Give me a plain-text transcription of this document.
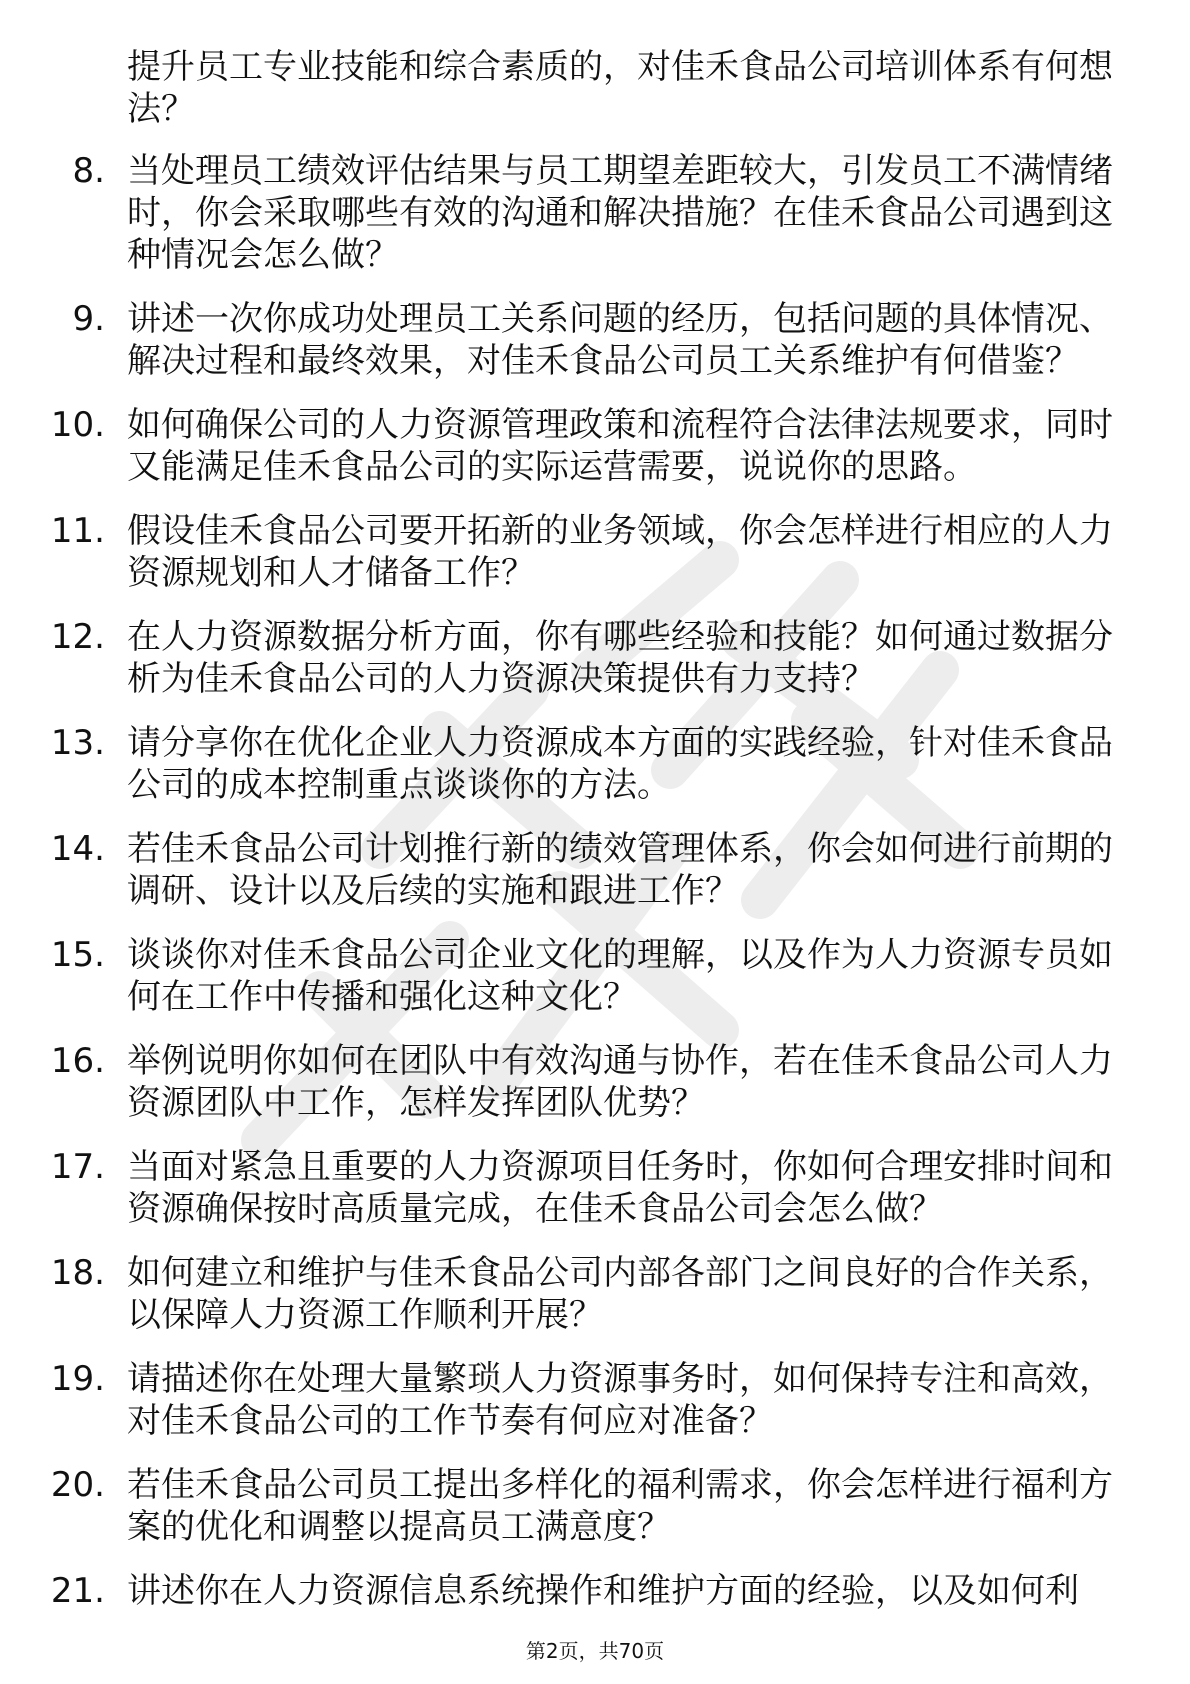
提升员工专业技能和综合素质的，对佳禾食品公司培训体系有何想法？

8. 当处理员工绩效评估结果与员工期望差距较大，引发员工不满情绪时，你会采取哪些有效的沟通和解决措施？在佳禾食品公司遇到这种情况会怎么做？
9. 讲述一次你成功处理员工关系问题的经历，包括问题的具体情况、解决过程和最终效果，对佳禾食品公司员工关系维护有何借鉴？
10. 如何确保公司的人力资源管理政策和流程符合法律法规要求，同时又能满足佳禾食品公司的实际运营需要，说说你的思路。
11. 假设佳禾食品公司要开拓新的业务领域，你会怎样进行相应的人力资源规划和人才储备工作？
12. 在人力资源数据分析方面，你有哪些经验和技能？如何通过数据分析为佳禾食品公司的人力资源决策提供有力支持？
13. 请分享你在优化企业人力资源成本方面的实践经验，针对佳禾食品公司的成本控制重点谈谈你的方法。
14. 若佳禾食品公司计划推行新的绩效管理体系，你会如何进行前期的调研、设计以及后续的实施和跟进工作？
15. 谈谈你对佳禾食品公司企业文化的理解，以及作为人力资源专员如何在工作中传播和强化这种文化？
16. 举例说明你如何在团队中有效沟通与协作，若在佳禾食品公司人力资源团队中工作，怎样发挥团队优势？
17. 当面对紧急且重要的人力资源项目任务时，你如何合理安排时间和资源确保按时高质量完成，在佳禾食品公司会怎么做？
18. 如何建立和维护与佳禾食品公司内部各部门之间良好的合作关系，以保障人力资源工作顺利开展？
19. 请描述你在处理大量繁琐人力资源事务时，如何保持专注和高效，对佳禾食品公司的工作节奏有何应对准备？
20. 若佳禾食品公司员工提出多样化的福利需求，你会怎样进行福利方案的优化和调整以提高员工满意度？
21. 讲述你在人力资源信息系统操作和维护方面的经验，以及如何利
第2页，共70页
